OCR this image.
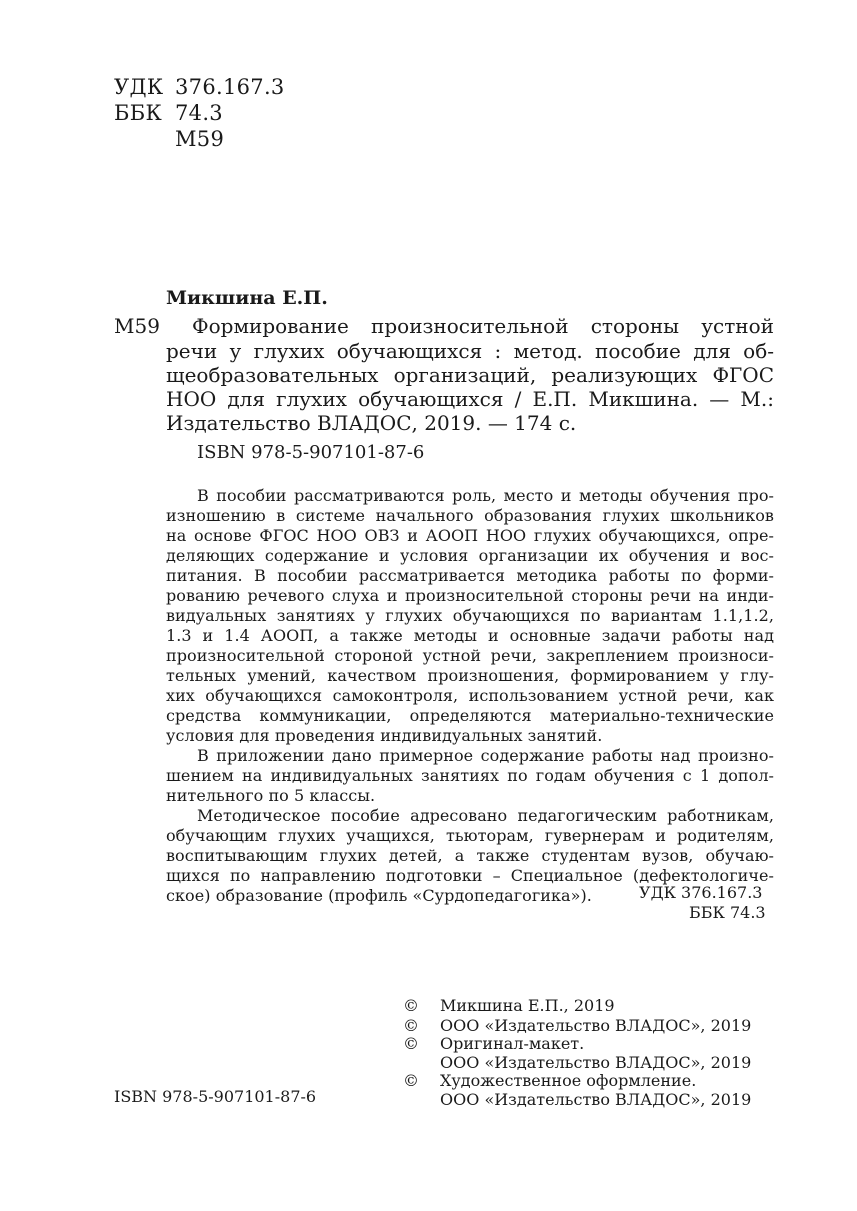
УДК 376.167.3
ББК 74.3
М59
Микшина Е.П.
М59 Формирование произносительной стороны устной
речи у глухих обучающихся : метод. пособие для об-
щеобразовательных организаций, реализующих ФГОС
НОО для глухих обучающихся / Е.П. Микшина. — М.:
Издательство ВЛАДОС, 2019. — 174 с.
ISBN 978-5-907101-87-6
В пособии рассматриваются роль, место и методы обучения про-
изношению в системе начального образования глухих школьников
на основе ФГОС НОО ОВЗ и АООП НОО глухих обучающихся, опре-
деляющих содержание и условия организации их обучения и вос-
питания. В пособии рассматривается методика работы по форми-
рованию речевого слуха и произносительной стороны речи на инди-
видуальных занятиях у глухих обучающихся по вариантам 1.1,1.2,
1.3 и 1.4 АООП, а также методы и основные задачи работы над
произносительной стороной устной речи, закреплением произноси-
тельных умений, качеством произношения, формированием у глу-
хих обучающихся самоконтроля, использованием устной речи, как
средства коммуникации, определяются материально-технические
условия для проведения индивидуальных занятий.
В приложении дано примерное содержание работы над произно-
шением на индивидуальных занятиях по годам обучения с 1 допол-
нительного по 5 классы.
Методическое пособие адресовано педагогическим работникам,
обучающим глухих учащихся, тьюторам, гувернерам и родителям,
воспитывающим глухих детей, а также студентам вузов, обучаю-
щихся по направлению подготовки – Специальное (дефектологиче-
ское) образование (профиль «Сурдопедагогика»).	УДК 376.167.3
ББК 74.3
© Микшина Е.П., 2019
© ООО «Издательство ВЛАДОС», 2019
© Оригинал-макет.
ООО «Издательство ВЛАДОС», 2019
© Художественное оформление.
ООО «Издательство ВЛАДОС», 2019
ISBN 978-5-907101-87-6
